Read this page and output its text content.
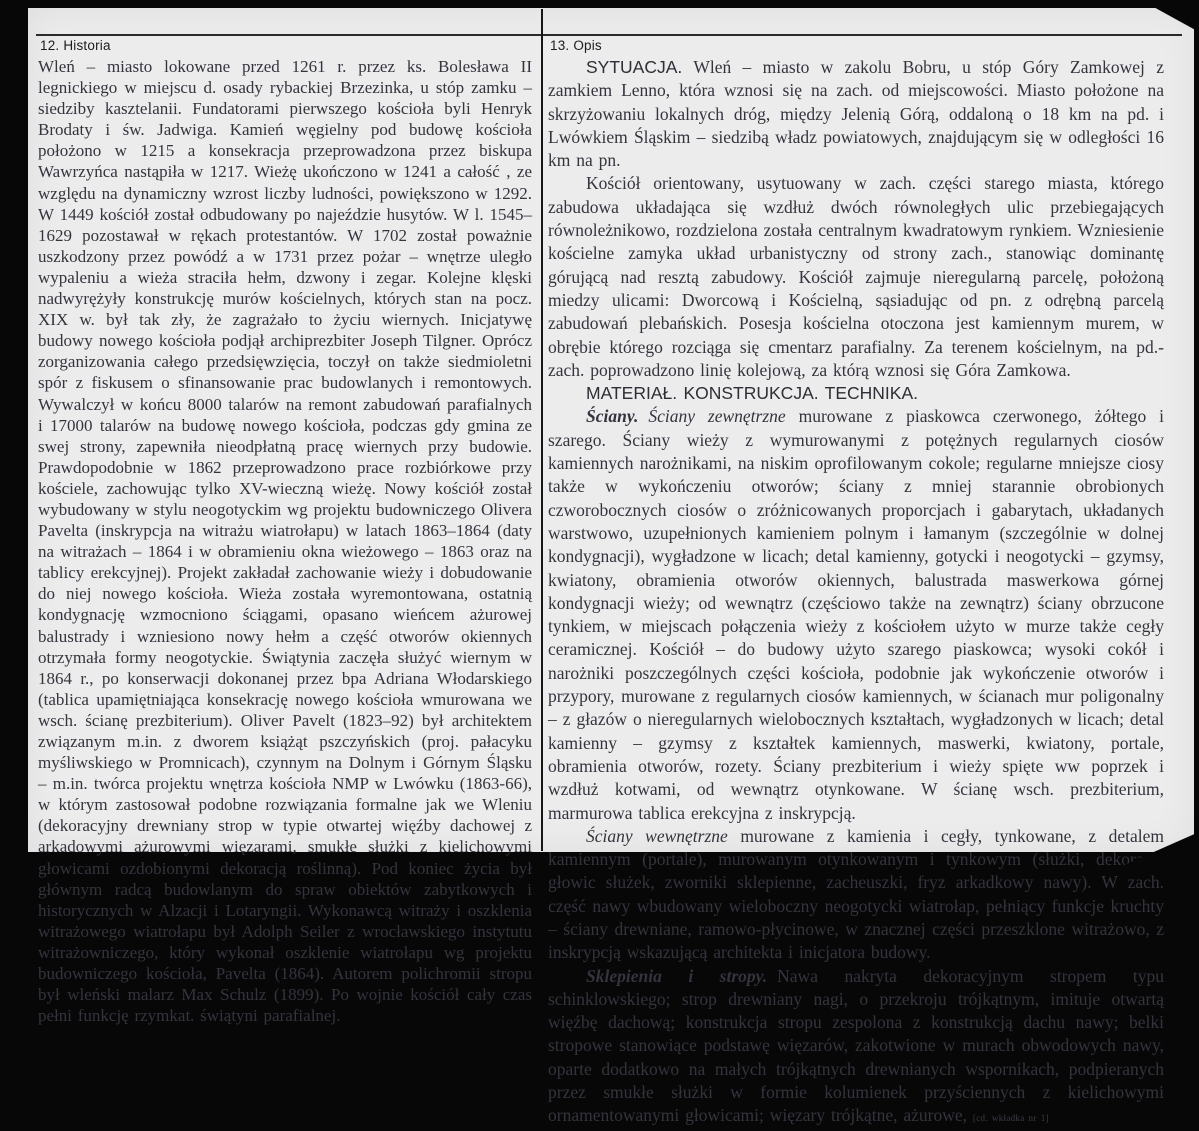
12. Historia

Wleń – miasto lokowane przed 1261 r. przez ks. Bolesława II legnickiego w miejscu d. osady rybackiej Brzezinka, u stóp zamku – siedziby kasztelanii. Fundatorami pierwszego kościoła byli Henryk Brodaty i św. Jadwiga. Kamień węgielny pod budowę kościoła położono w 1215 a konsekracja przeprowadzona przez biskupa Wawrzyńca nastąpiła w 1217. Wieżę ukończono w 1241 a całość , ze względu na dynamiczny wzrost liczby ludności, powiększono w 1292. W 1449 kościół został odbudowany po najeździe husytów. W l. 1545–1629 pozostawał w rękach protestantów. W 1702 został poważnie uszkodzony przez powódź a w 1731 przez pożar – wnętrze uległo wypaleniu a wieża straciła hełm, dzwony i zegar. Kolejne klęski nadwyrężyły konstrukcję murów kościelnych, których stan na pocz. XIX w. był tak zły, że zagrażało to życiu wiernych. Inicjatywę budowy nowego kościoła podjął archiprezbiter Joseph Tilgner. Oprócz zorganizowania całego przedsięwzięcia, toczył on także siedmioletni spór z fiskusem o sfinansowanie prac budowlanych i remontowych. Wywalczył w końcu 8000 talarów na remont zabudowań parafialnych i 17000 talarów na budowę nowego kościoła, podczas gdy gmina ze swej strony, zapewniła nieodpłatną pracę wiernych przy budowie. Prawdopodobnie w 1862 przeprowadzono prace rozbiórkowe przy kościele, zachowując tylko XV-wieczną wieżę. Nowy kościół został wybudowany w stylu neogotyckim wg projektu budowniczego Olivera Pavelta (inskrypcja na witrażu wiatrołapu) w latach 1863–1864 (daty na witrażach – 1864 i w obramieniu okna wieżowego – 1863 oraz na tablicy erekcyjnej). Projekt zakładał zachowanie wieży i dobudowanie do niej nowego kościoła. Wieża została wyremontowana, ostatnią kondygnację wzmocniono ściągami, opasano wieńcem ażurowej balustrady i wzniesiono nowy hełm a część otworów okiennych otrzymała formy neogotyckie. Świątynia zaczęła służyć wiernym w 1864 r., po konserwacji dokonanej przez bpa Adriana Włodarskiego (tablica upamiętniająca konsekrację nowego kościoła wmurowana we wsch. ścianę prezbiterium). Oliver Pavelt (1823–92) był architektem związanym m.in. z dworem książąt pszczyńskich (proj. pałacyku myśliwskiego w Promnicach), czynnym na Dolnym i Górnym Śląsku – m.in. twórca projektu wnętrza kościoła NMP w Lwówku (1863-66), w którym zastosował podobne rozwiązania formalne jak we Wleniu (dekoracyjny drewniany strop w typie otwartej więźby dachowej z arkadowymi ażurowymi więzarami, smukłe służki z kielichowymi głowicami ozdobionymi dekoracją roślinną). Pod koniec życia był głównym radcą budowlanym do spraw obiektów zabytkowych i historycznych w Alzacji i Lotaryngii. Wykonawcą witraży i oszklenia witrażowego wiatrołapu był Adolph Seiler z wrocławskiego instytutu witrażowniczego, który wykonał oszklenie wiatrołapu wg projektu budowniczego kościoła, Pavelta (1864). Autorem polichromii stropu był wleński malarz Max Schulz (1899). Po wojnie kościół cały czas pełni funkcję rzymkat. świątyni parafialnej.

13. Opis

SYTUACJA. Wleń – miasto w zakolu Bobru, u stóp Góry Zamkowej z zamkiem Lenno, która wznosi się na zach. od miejscowości. Miasto położone na skrzyżowaniu lokalnych dróg, między Jelenią Górą, oddaloną o 18 km na pd. i Lwówkiem Śląskim – siedzibą władz powiatowych, znajdującym się w odległości 16 km na pn.

Kościół orientowany, usytuowany w zach. części starego miasta, którego zabudowa układająca się wzdłuż dwóch równoległych ulic przebiegających równoleżnikowo, rozdzielona została centralnym kwadratowym rynkiem. Wzniesienie kościelne zamyka układ urbanistyczny od strony zach., stanowiąc dominantę górującą nad resztą zabudowy. Kościół zajmuje nieregularną parcelę, położoną miedzy ulicami: Dworcową i Kościelną, sąsiadując od pn. z odrębną parcelą zabudowań plebańskich. Posesja kościelna otoczona jest kamiennym murem, w obrębie którego rozciąga się cmentarz parafialny. Za terenem kościelnym, na pd.-zach. poprowadzono linię kolejową, za którą wznosi się Góra Zamkowa.

MATERIAŁ. KONSTRUKCJA. TECHNIKA.

Ściany. Ściany zewnętrzne murowane z piaskowca czerwonego, żółtego i szarego. Ściany wieży z wymurowanymi z potężnych regularnych ciosów kamiennych narożnikami, na niskim oprofilowanym cokole; regularne mniejsze ciosy także w wykończeniu otworów; ściany z mniej starannie obrobionych czworobocznych ciosów o zróżnicowanych proporcjach i gabarytach, układanych warstwowo, uzupełnionych kamieniem polnym i łamanym (szczególnie w dolnej kondygnacji), wygładzone w licach; detal kamienny, gotycki i neogotycki – gzymsy, kwiatony, obramienia otworów okiennych, balustrada maswerkowa górnej kondygnacji wieży; od wewnątrz (częściowo także na zewnątrz) ściany obrzucone tynkiem, w miejscach połączenia wieży z kościołem użyto w murze także cegły ceramicznej. Kościół – do budowy użyto szarego piaskowca; wysoki cokół i narożniki poszczególnych części kościoła, podobnie jak wykończenie otworów i przypory, murowane z regularnych ciosów kamiennych, w ścianach mur poligonalny – z głazów o nieregularnych wielobocznych kształtach, wygładzonych w licach; detal kamienny – gzymsy z kształtek kamiennych, maswerki, kwiatony, portale, obramienia otworów, rozety. Ściany prezbiterium i wieży spięte ww poprzek i wzdłuż kotwami, od wewnątrz otynkowane. W ścianę wsch. prezbiterium, marmurowa tablica erekcyjna z inskrypcją.

Ściany wewnętrzne murowane z kamienia i cegły, tynkowane, z detalem kamiennym (portale), murowanym otynkowanym i tynkowym (służki, dekoracja głowic służek, zworniki sklepienne, zacheuszki, fryz arkadkowy nawy). W zach. część nawy wbudowany wieloboczny neogotycki wiatrołap, pełniący funkcje kruchty – ściany drewniane, ramowo-płycinowe, w znacznej części przeszklone witrażowo, z inskrypcją wskazującą architekta i inicjatora budowy.

Sklepienia i stropy. Nawa nakryta dekoracyjnym stropem typu schinklowskiego; strop drewniany nagi, o przekroju trójkątnym, imituje otwartą więźbę dachową; konstrukcja stropu zespolona z konstrukcją dachu nawy; belki stropowe stanowiące podstawę więzarów, zakotwione w murach obwodowych nawy, oparte dodatkowo na małych trójkątnych drewnianych wspornikach, podpieranych przez smukłe służki w formie kolumienek przyściennych z kielichowymi ornamentowanymi głowicami; więzary trójkątne, ażurowe, [cd. wkładka nr 1]
